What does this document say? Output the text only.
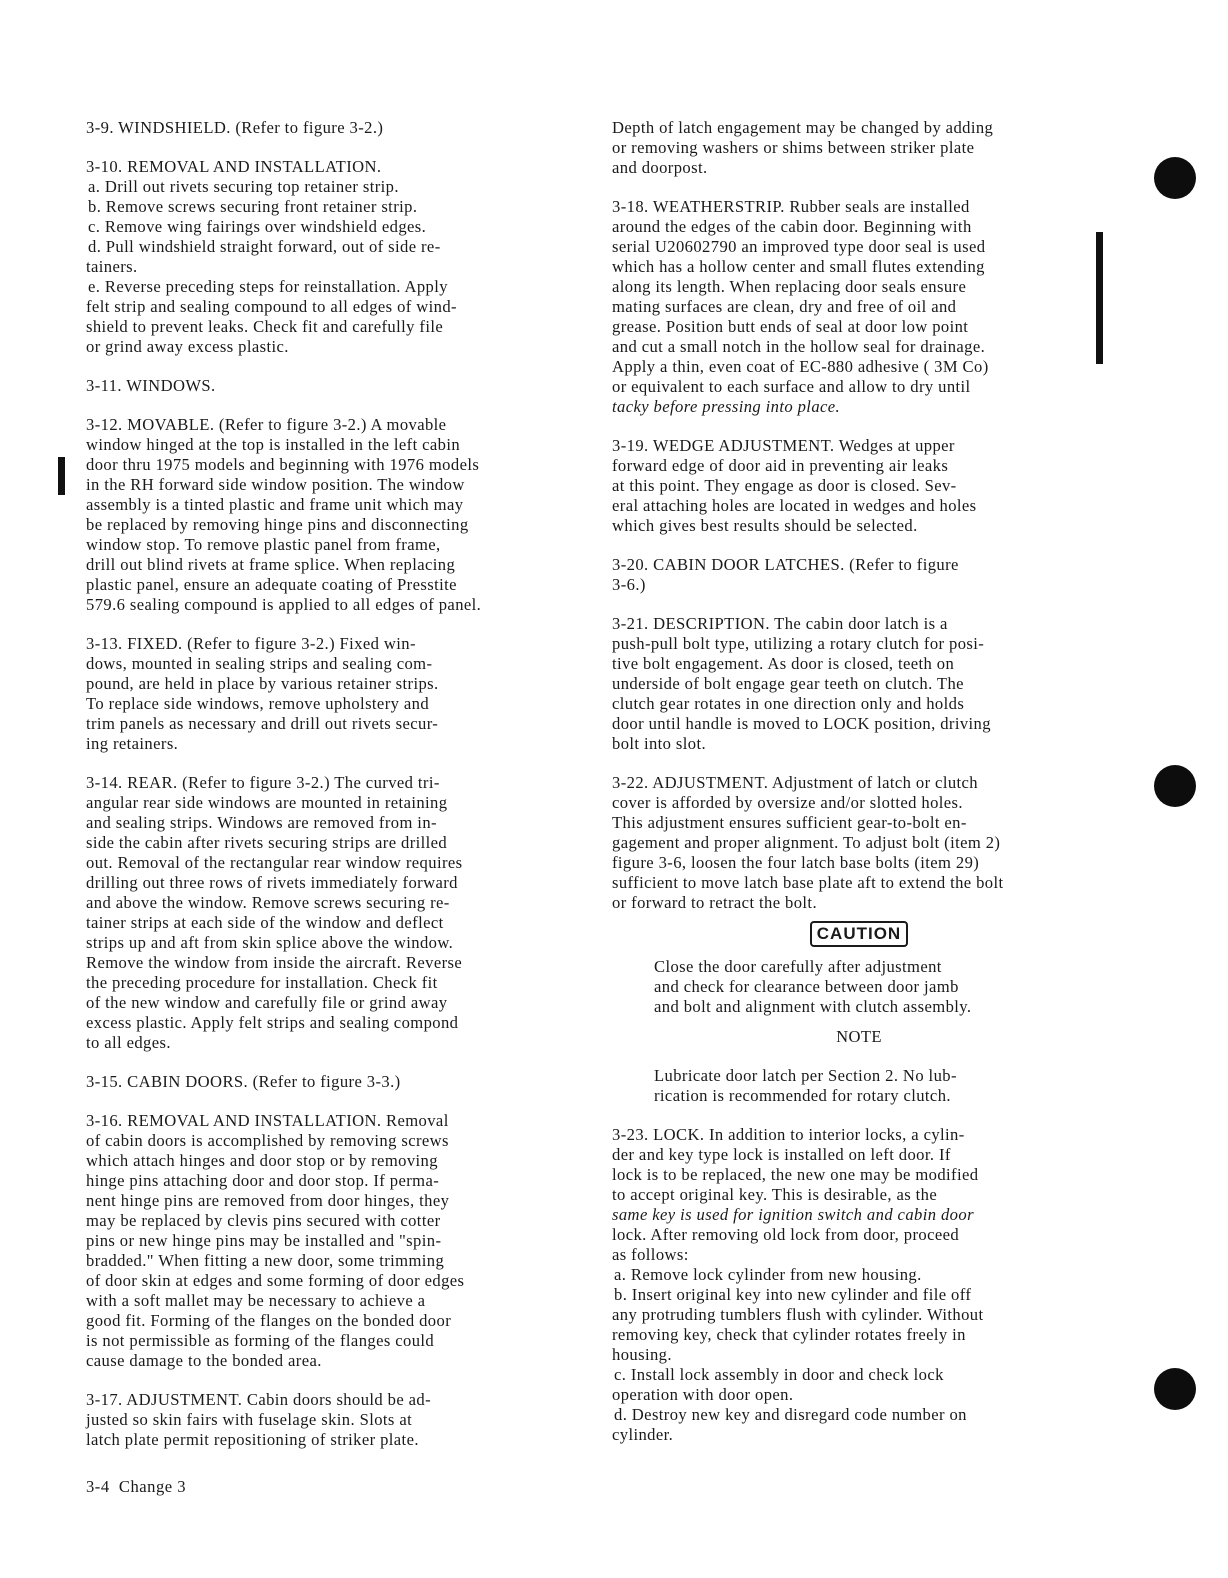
3-9. WINDSHIELD. (Refer to figure 3-2.)
3-10. REMOVAL AND INSTALLATION.
a. Drill out rivets securing top retainer strip.
b. Remove screws securing front retainer strip.
c. Remove wing fairings over windshield edges.
d. Pull windshield straight forward, out of side re-
tainers.
e. Reverse preceding steps for reinstallation. Apply
felt strip and sealing compound to all edges of wind-
shield to prevent leaks. Check fit and carefully file
or grind away excess plastic.
3-11. WINDOWS.
3-12. MOVABLE. (Refer to figure 3-2.) A movable
window hinged at the top is installed in the left cabin
door thru 1975 models and beginning with 1976 models
in the RH forward side window position. The window
assembly is a tinted plastic and frame unit which may
be replaced by removing hinge pins and disconnecting
window stop. To remove plastic panel from frame,
drill out blind rivets at frame splice. When replacing
plastic panel, ensure an adequate coating of Presstite
579.6 sealing compound is applied to all edges of panel.
3-13. FIXED. (Refer to figure 3-2.) Fixed win-
dows, mounted in sealing strips and sealing com-
pound, are held in place by various retainer strips.
To replace side windows, remove upholstery and
trim panels as necessary and drill out rivets secur-
ing retainers.
3-14. REAR. (Refer to figure 3-2.) The curved tri-
angular rear side windows are mounted in retaining
and sealing strips. Windows are removed from in-
side the cabin after rivets securing strips are drilled
out. Removal of the rectangular rear window requires
drilling out three rows of rivets immediately forward
and above the window. Remove screws securing re-
tainer strips at each side of the window and deflect
strips up and aft from skin splice above the window.
Remove the window from inside the aircraft. Reverse
the preceding procedure for installation. Check fit
of the new window and carefully file or grind away
excess plastic. Apply felt strips and sealing compond
to all edges.
3-15. CABIN DOORS. (Refer to figure 3-3.)
3-16. REMOVAL AND INSTALLATION. Removal
of cabin doors is accomplished by removing screws
which attach hinges and door stop or by removing
hinge pins attaching door and door stop. If perma-
nent hinge pins are removed from door hinges, they
may be replaced by clevis pins secured with cotter
pins or new hinge pins may be installed and "spin-
bradded." When fitting a new door, some trimming
of door skin at edges and some forming of door edges
with a soft mallet may be necessary to achieve a
good fit. Forming of the flanges on the bonded door
is not permissible as forming of the flanges could
cause damage to the bonded area.
3-17. ADJUSTMENT. Cabin doors should be ad-
justed so skin fairs with fuselage skin. Slots at
latch plate permit repositioning of striker plate.
Depth of latch engagement may be changed by adding
or removing washers or shims between striker plate
and doorpost.
3-18. WEATHERSTRIP. Rubber seals are installed
around the edges of the cabin door. Beginning with
serial U20602790 an improved type door seal is used
which has a hollow center and small flutes extending
along its length. When replacing door seals ensure
mating surfaces are clean, dry and free of oil and
grease. Position butt ends of seal at door low point
and cut a small notch in the hollow seal for drainage.
Apply a thin, even coat of EC-880 adhesive ( 3M Co)
or equivalent to each surface and allow to dry until
tacky before pressing into place.
3-19. WEDGE ADJUSTMENT. Wedges at upper
forward edge of door aid in preventing air leaks
at this point. They engage as door is closed. Sev-
eral attaching holes are located in wedges and holes
which gives best results should be selected.
3-20. CABIN DOOR LATCHES. (Refer to figure
3-6.)
3-21. DESCRIPTION. The cabin door latch is a
push-pull bolt type, utilizing a rotary clutch for posi-
tive bolt engagement. As door is closed, teeth on
underside of bolt engage gear teeth on clutch. The
clutch gear rotates in one direction only and holds
door until handle is moved to LOCK position, driving
bolt into slot.
3-22. ADJUSTMENT. Adjustment of latch or clutch
cover is afforded by oversize and/or slotted holes.
This adjustment ensures sufficient gear-to-bolt en-
gagement and proper alignment. To adjust bolt (item 2)
figure 3-6, loosen the four latch base bolts (item 29)
sufficient to move latch base plate aft to extend the bolt
or forward to retract the bolt.
CAUTION
Close the door carefully after adjustment
and check for clearance between door jamb
and bolt and alignment with clutch assembly.
NOTE
Lubricate door latch per Section 2. No lub-
rication is recommended for rotary clutch.
3-23. LOCK. In addition to interior locks, a cylin-
der and key type lock is installed on left door. If
lock is to be replaced, the new one may be modified
to accept original key. This is desirable, as the
same key is used for ignition switch and cabin door
lock. After removing old lock from door, proceed
as follows:
a. Remove lock cylinder from new housing.
b. Insert original key into new cylinder and file off
any protruding tumblers flush with cylinder. Without
removing key, check that cylinder rotates freely in
housing.
c. Install lock assembly in door and check lock
operation with door open.
d. Destroy new key and disregard code number on
cylinder.
3-4 Change 3
